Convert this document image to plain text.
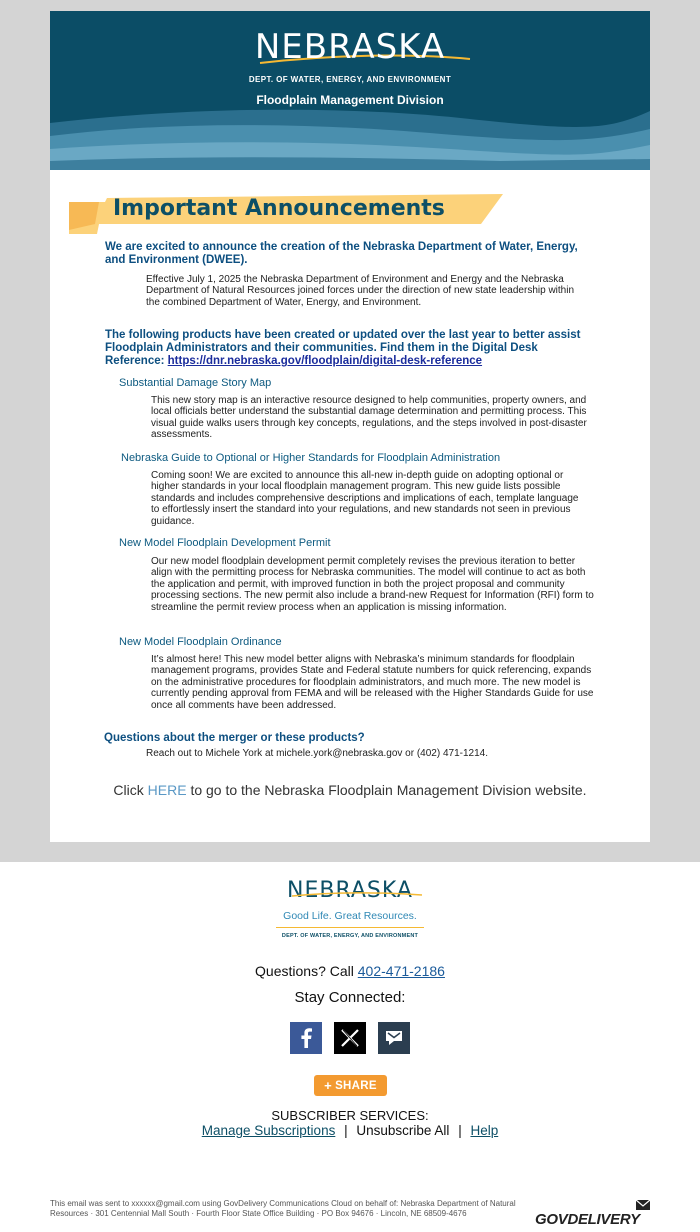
NEBRASKA
DEPT. OF WATER, ENERGY, AND ENVIRONMENT
Floodplain Management Division
Important Announcements
We are excited to announce the creation of the Nebraska Department of Water, Energy, and Environment (DWEE).
Effective July 1, 2025 the Nebraska Department of Environment and Energy and the Nebraska Department of Natural Resources joined forces under the direction of new state leadership within the combined Department of Water, Energy, and Environment.
The following products have been created or updated over the last year to better assist Floodplain Administrators and their communities. Find them in the Digital Desk Reference: https://dnr.nebraska.gov/floodplain/digital-desk-reference
Substantial Damage Story Map
This new story map is an interactive resource designed to help communities, property owners, and local officials better understand the substantial damage determination and permitting process. This visual guide walks users through key concepts, regulations, and the steps involved in post-disaster assessments.
Nebraska Guide to Optional or Higher Standards for Floodplain Administration
Coming soon! We are excited to announce this all-new in-depth guide on adopting optional or higher standards in your local floodplain management program. This new guide lists possible standards and includes comprehensive descriptions and implications of each, template language to effortlessly insert the standard into your regulations, and new standards not seen in previous guidance.
New Model Floodplain Development Permit
Our new model floodplain development permit completely revises the previous iteration to better align with the permitting process for Nebraska communities. The model will continue to act as both the application and permit, with improved function in both the project proposal and community processing sections. The new permit also include a brand-new Request for Information (RFI) form to streamline the permit review process when an application is missing information.
New Model Floodplain Ordinance
It’s almost here! This new model better aligns with Nebraska’s minimum standards for floodplain management programs, provides State and Federal statute numbers for quick referencing, expands on the administrative procedures for floodplain administrators, and much more. The new model is currently pending approval from FEMA and will be released with the Higher Standards Guide for use once all comments have been addressed.
Questions about the merger or these products?
Reach out to Michele York at michele.york@nebraska.gov or (402) 471-1214.
Click HERE to go to the Nebraska Floodplain Management Division website.
NEBRASKA
Good Life. Great Resources.
DEPT. OF WATER, ENERGY, AND ENVIRONMENT
Questions? Call 402-471-2186
Stay Connected:
+ SHARE
SUBSCRIBER SERVICES:
Manage Subscriptions | Unsubscribe All | Help
This email was sent to xxxxxx@gmail.com using GovDelivery Communications Cloud on behalf of: Nebraska Department of Natural Resources · 301 Centennial Mall South · Fourth Floor State Office Building · PO Box 94676 · Lincoln, NE 68509-4676	GOVDELIVERY
